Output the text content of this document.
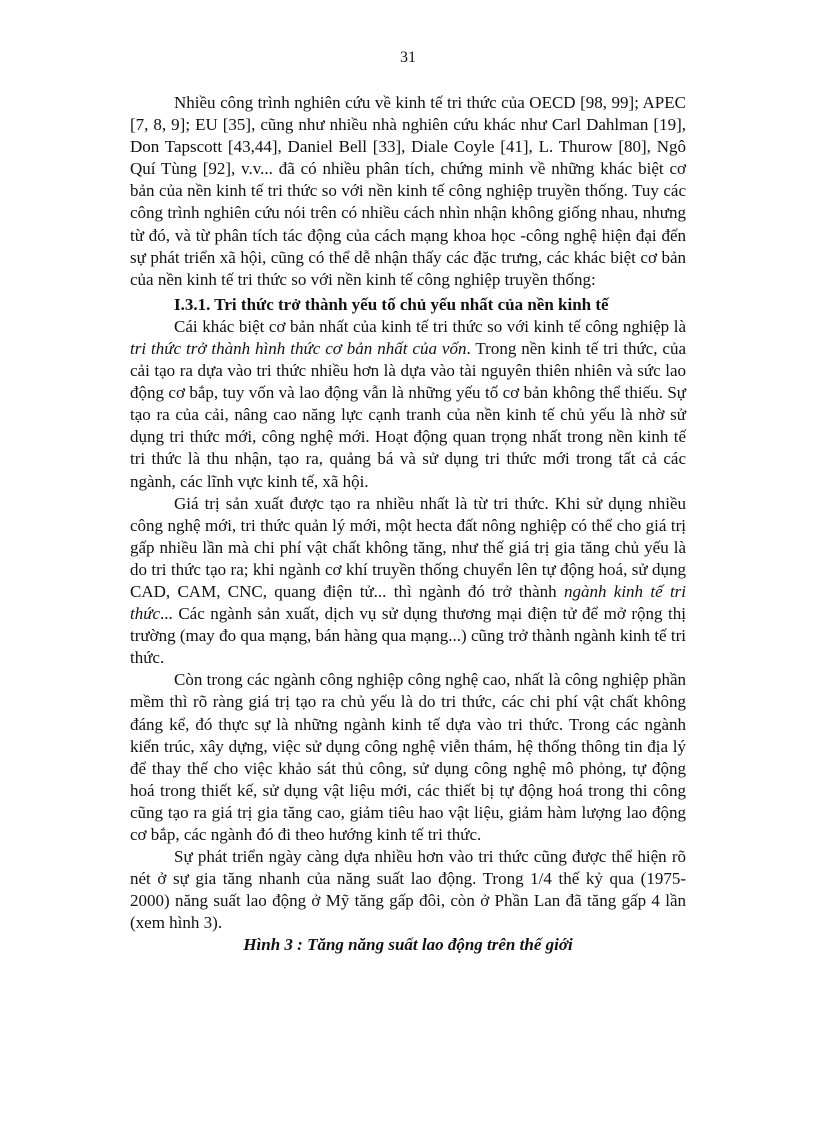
31

Nhiều công trình nghiên cứu về kinh tế tri thức của OECD [98, 99]; APEC [7, 8, 9]; EU [35], cũng như nhiều nhà nghiên cứu khác như Carl Dahlman [19], Don Tapscott [43,44], Daniel Bell [33], Diale Coyle [41], L. Thurow [80], Ngô Quí Tùng [92], v.v... đã có nhiều phân tích, chứng minh về những khác biệt cơ bản của nền kinh tế tri thức so với nền kinh tế công nghiệp truyền thống. Tuy các công trình nghiên cứu nói trên có nhiều cách nhìn nhận không giống nhau, nhưng từ đó, và từ phân tích tác động của cách mạng khoa học -công nghệ hiện đại đến sự phát triển xã hội, cũng có thể dễ nhận thấy các đặc trưng, các khác biệt cơ bản của nền kinh tế tri thức so với nền kinh tế công nghiệp truyền thống:

I.3.1. Tri thức trở thành yếu tố chủ yếu nhất của nền kinh tế

Cái khác biệt cơ bản nhất của kinh tế tri thức so với kinh tế công nghiệp là tri thức trở thành hình thức cơ bản nhất của vốn. Trong nền kinh tế tri thức, của cải tạo ra dựa vào tri thức nhiều hơn là dựa vào tài nguyên thiên nhiên và sức lao động cơ bắp, tuy vốn và lao động vẫn là những yếu tố cơ bản không thể thiếu. Sự tạo ra của cải, nâng cao năng lực cạnh tranh của nền kinh tế chủ yếu là nhờ sử dụng tri thức mới, công nghệ mới. Hoạt động quan trọng nhất trong nền kinh tế tri thức là thu nhận, tạo ra, quảng bá và sử dụng tri thức mới trong tất cả các ngành, các lĩnh vực kinh tế, xã hội.

Giá trị sản xuất được tạo ra nhiều nhất là từ tri thức. Khi sử dụng nhiều công nghệ mới, tri thức quản lý mới, một hecta đất nông nghiệp có thể cho giá trị gấp nhiều lần mà chi phí vật chất không tăng, như thế giá trị gia tăng chủ yếu là do tri thức tạo ra; khi ngành cơ khí truyền thống chuyển lên tự động hoá, sử dụng CAD, CAM, CNC, quang điện tử... thì ngành đó trở thành ngành kinh tế tri thức... Các ngành sản xuất, dịch vụ sử dụng thương mại điện tử để mở rộng thị trường (may đo qua mạng, bán hàng qua mạng...) cũng trở thành ngành kinh tế tri thức.

Còn trong các ngành công nghiệp công nghệ cao, nhất là công nghiệp phần mềm thì rõ ràng giá trị tạo ra chủ yếu là do tri thức, các chi phí vật chất không đáng kể, đó thực sự là những ngành kinh tế dựa vào tri thức. Trong các ngành kiến trúc, xây dựng, việc sử dụng công nghệ viễn thám, hệ thống thông tin địa lý để thay thế cho việc khảo sát thủ công, sử dụng công nghệ mô phỏng, tự động hoá trong thiết kế, sử dụng vật liệu mới, các thiết bị tự động hoá trong thi công cũng tạo ra giá trị gia tăng cao, giảm tiêu hao vật liệu, giảm hàm lượng lao động cơ bắp, các ngành đó đi theo hướng kinh tế tri thức.

Sự phát triển ngày càng dựa nhiều hơn vào tri thức cũng được thể hiện rõ nét ở sự gia tăng nhanh của năng suất lao động. Trong 1/4 thế kỷ qua (1975-2000) năng suất lao động ở Mỹ tăng gấp đôi, còn ở Phần Lan đã tăng gấp 4 lần (xem hình 3).

Hình 3 : Tăng năng suất lao động trên thế giới
